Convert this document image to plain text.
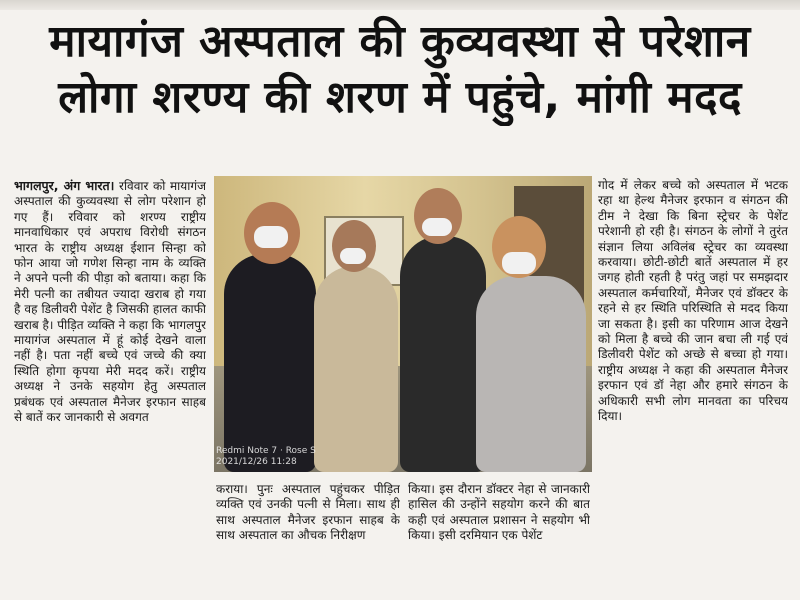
मायागंज अस्पताल की कुव्यवस्था से परेशान
लोगा शरण्य की शरण में पहुंचे, मांगी मदद
भागलपुर, अंग भारत। रविवार को मायागंज अस्पताल की कुव्यवस्था से लोग परेशान हो गए हैं। रविवार को शरण्य राष्ट्रीय मानवाधिकार एवं अपराध विरोधी संगठन भारत के राष्ट्रीय अध्यक्ष ईशान सिन्हा को फोन आया जो गणेश सिन्हा नाम के व्यक्ति ने अपने पत्नी की पीड़ा को बताया। कहा कि मेरी पत्नी का तबीयत ज्यादा खराब हो गया है वह डिलीवरी पेशेंट है जिसकी हालत काफी खराब है। पीड़ित व्यक्ति ने कहा कि भागलपुर मायागंज अस्पताल में हूं कोई देखने वाला नहीं है। पता नहीं बच्चे एवं जच्चे की क्या स्थिति होगा कृपया मेरी मदद करें। राष्ट्रीय अध्यक्ष ने उनके सहयोग हेतु अस्पताल प्रबंधक एवं अस्पताल मैनेजर इरफान साहब से बातें कर जानकारी से अवगत
Redmi Note 7 · Rose S
2021/12/26 11:28
कराया। पुनः अस्पताल पहुंचकर पीड़ित व्यक्ति एवं उनकी पत्नी से मिला। साथ ही साथ अस्पताल मैनेजर इरफान साहब के साथ अस्पताल का औचक निरीक्षण
किया। इस दौरान डॉक्टर नेहा से जानकारी हासिल की उन्होंने सहयोग करने की बात कही एवं अस्पताल प्रशासन ने सहयोग भी किया। इसी दरमियान एक पेशेंट
गोद में लेकर बच्चे को अस्पताल में भटक रहा था हेल्थ मैनेजर इरफान व संगठन की टीम ने देखा कि बिना स्ट्रेचर के पेशेंट परेशानी हो रही है। संगठन के लोगों ने तुरंत संज्ञान लिया अविलंब स्ट्रेचर का व्यवस्था करवाया। छोटी-छोटी बातें अस्पताल में हर जगह होती रहती है परंतु जहां पर समझदार अस्पताल कर्मचारियों, मैनेजर एवं डॉक्टर के रहने से हर स्थिति परिस्थिति से मदद किया जा सकता है। इसी का परिणाम आज देखने को मिला है बच्चे की जान बचा ली गई एवं डिलीवरी पेशेंट को अच्छे से बच्चा हो गया। राष्ट्रीय अध्यक्ष ने कहा की अस्पताल मैनेजर इरफान एवं डॉ नेहा और हमारे संगठन के अधिकारी सभी लोग मानवता का परिचय दिया।
